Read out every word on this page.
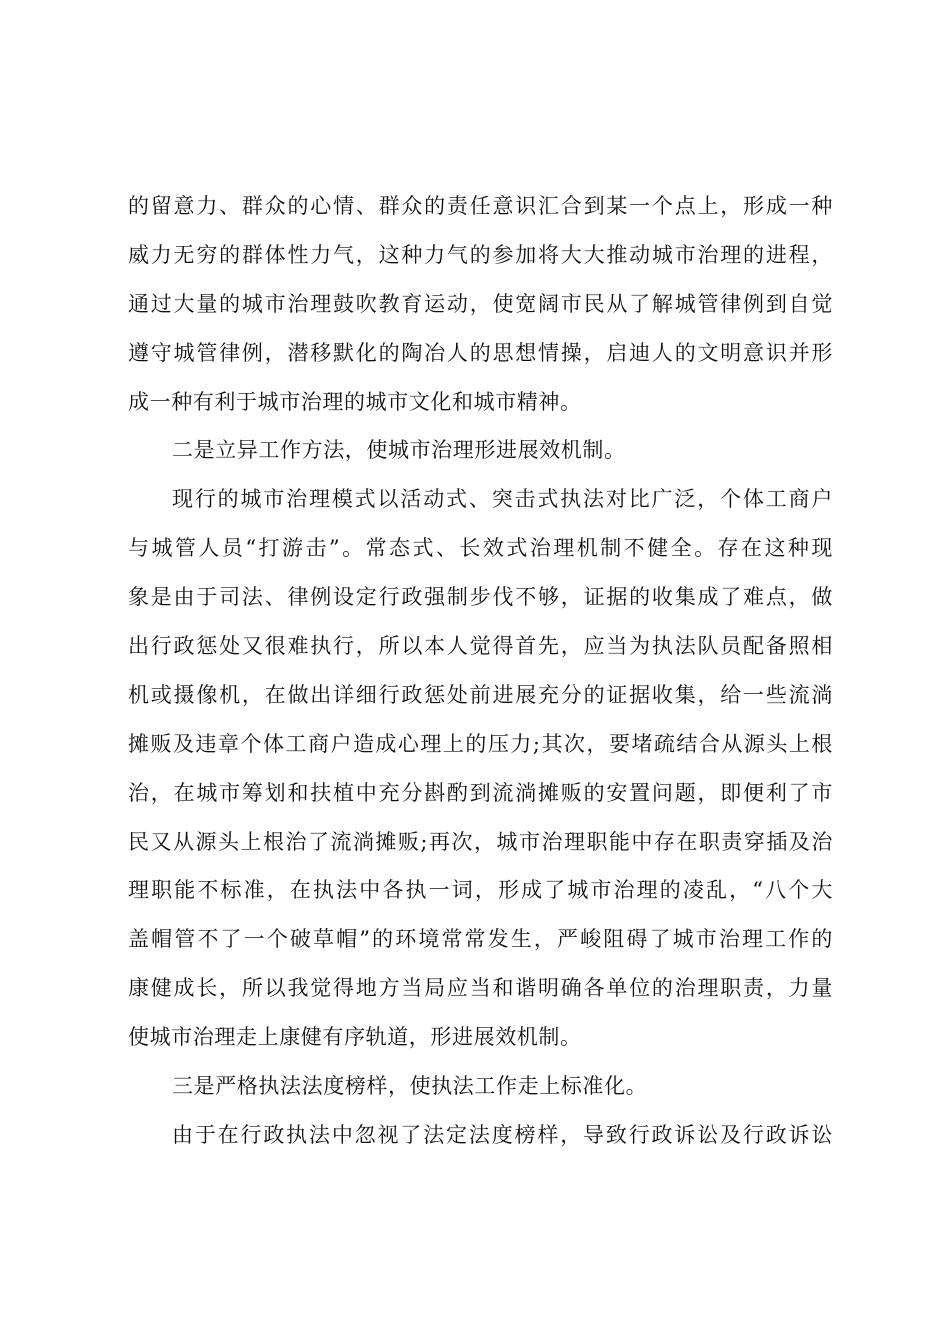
的留意力、群众的心情、群众的责任意识汇合到某一个点上，形成一种
威力无穷的群体性力气，这种力气的参加将大大推动城市治理的进程，
通过大量的城市治理鼓吹教育运动，使宽阔市民从了解城管律例到自觉
遵守城管律例，潜移默化的陶冶人的思想情操，启迪人的文明意识并形
成一种有利于城市治理的城市文化和城市精神。
二是立异工作方法，使城市治理形进展效机制。
现行的城市治理模式以活动式、突击式执法对比广泛，个体工商户
与城管人员“打游击”。常态式、长效式治理机制不健全。存在这种现
象是由于司法、律例设定行政强制步伐不够，证据的收集成了难点，做
出行政惩处又很难执行，所以本人觉得首先，应当为执法队员配备照相
机或摄像机，在做出详细行政惩处前进展充分的证据收集，给一些流淌
摊贩及违章个体工商户造成心理上的压力;其次，要堵疏结合从源头上根
治，在城市筹划和扶植中充分斟酌到流淌摊贩的安置问题，即便利了市
民又从源头上根治了流淌摊贩;再次，城市治理职能中存在职责穿插及治
理职能不标准，在执法中各执一词，形成了城市治理的凌乱，“八个大
盖帽管不了一个破草帽”的环境常常发生，严峻阻碍了城市治理工作的
康健成长，所以我觉得地方当局应当和谐明确各单位的治理职责，力量
使城市治理走上康健有序轨道，形进展效机制。
三是严格执法法度榜样，使执法工作走上标准化。
由于在行政执法中忽视了法定法度榜样，导致行政诉讼及行政诉讼
